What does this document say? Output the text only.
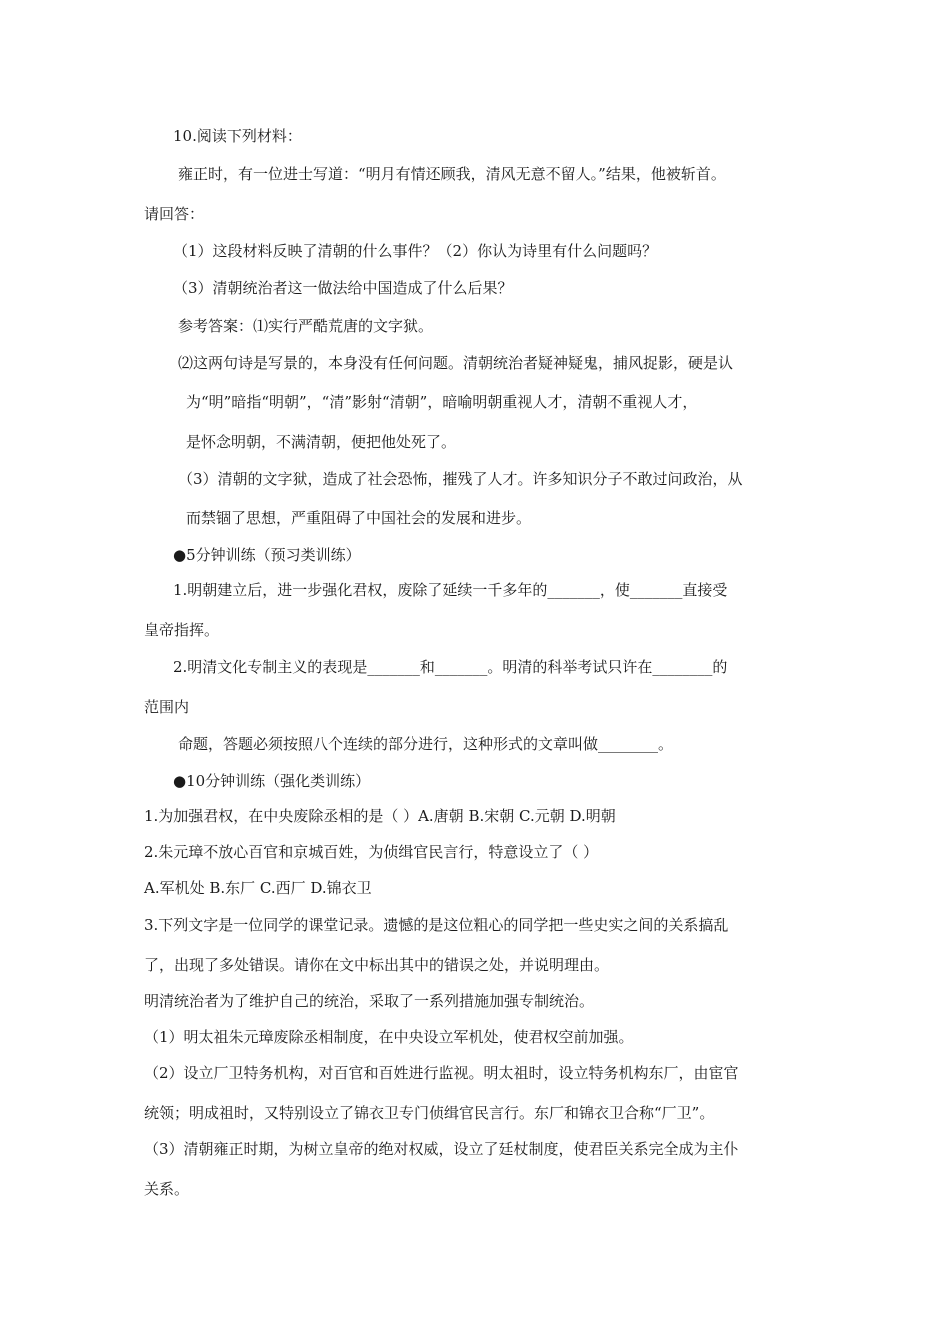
10.阅读下列材料：
雍正时，有一位进士写道：“明月有情还顾我，清风无意不留人。”结果，他被斩首。
请回答：
（1）这段材料反映了清朝的什么事件？（2）你认为诗里有什么问题吗？
（3）清朝统治者这一做法给中国造成了什么后果？
参考答案：⑴实行严酷荒唐的文字狱。
⑵这两句诗是写景的，本身没有任何问题。清朝统治者疑神疑鬼，捕风捉影，硬是认
为“明”暗指“明朝”，“清”影射“清朝”，暗喻明朝重视人才，清朝不重视人才，
是怀念明朝，不满清朝，便把他处死了。
（3）清朝的文字狱，造成了社会恐怖，摧残了人才。许多知识分子不敢过问政治，从
而禁锢了思想，严重阻碍了中国社会的发展和进步。
●5分钟训练（预习类训练）
1.明朝建立后，进一步强化君权，废除了延续一千多年的_______，使_______直接受
皇帝指挥。
2.明清文化专制主义的表现是_______和_______。明清的科举考试只许在________的
范围内
命题，答题必须按照八个连续的部分进行，这种形式的文章叫做________。
●10分钟训练（强化类训练）
1.为加强君权，在中央废除丞相的是（ ）A.唐朝 B.宋朝 C.元朝 D.明朝
2.朱元璋不放心百官和京城百姓，为侦缉官民言行，特意设立了（ ）
A.军机处 B.东厂 C.西厂 D.锦衣卫
3.下列文字是一位同学的课堂记录。遗憾的是这位粗心的同学把一些史实之间的关系搞乱
了，出现了多处错误。请你在文中标出其中的错误之处，并说明理由。
明清统治者为了维护自己的统治，采取了一系列措施加强专制统治。
（1）明太祖朱元璋废除丞相制度，在中央设立军机处，使君权空前加强。
（2）设立厂卫特务机构，对百官和百姓进行监视。明太祖时，设立特务机构东厂，由宦官
统领；明成祖时，又特别设立了锦衣卫专门侦缉官民言行。东厂和锦衣卫合称“厂卫”。
（3）清朝雍正时期，为树立皇帝的绝对权威，设立了廷杖制度，使君臣关系完全成为主仆
关系。
